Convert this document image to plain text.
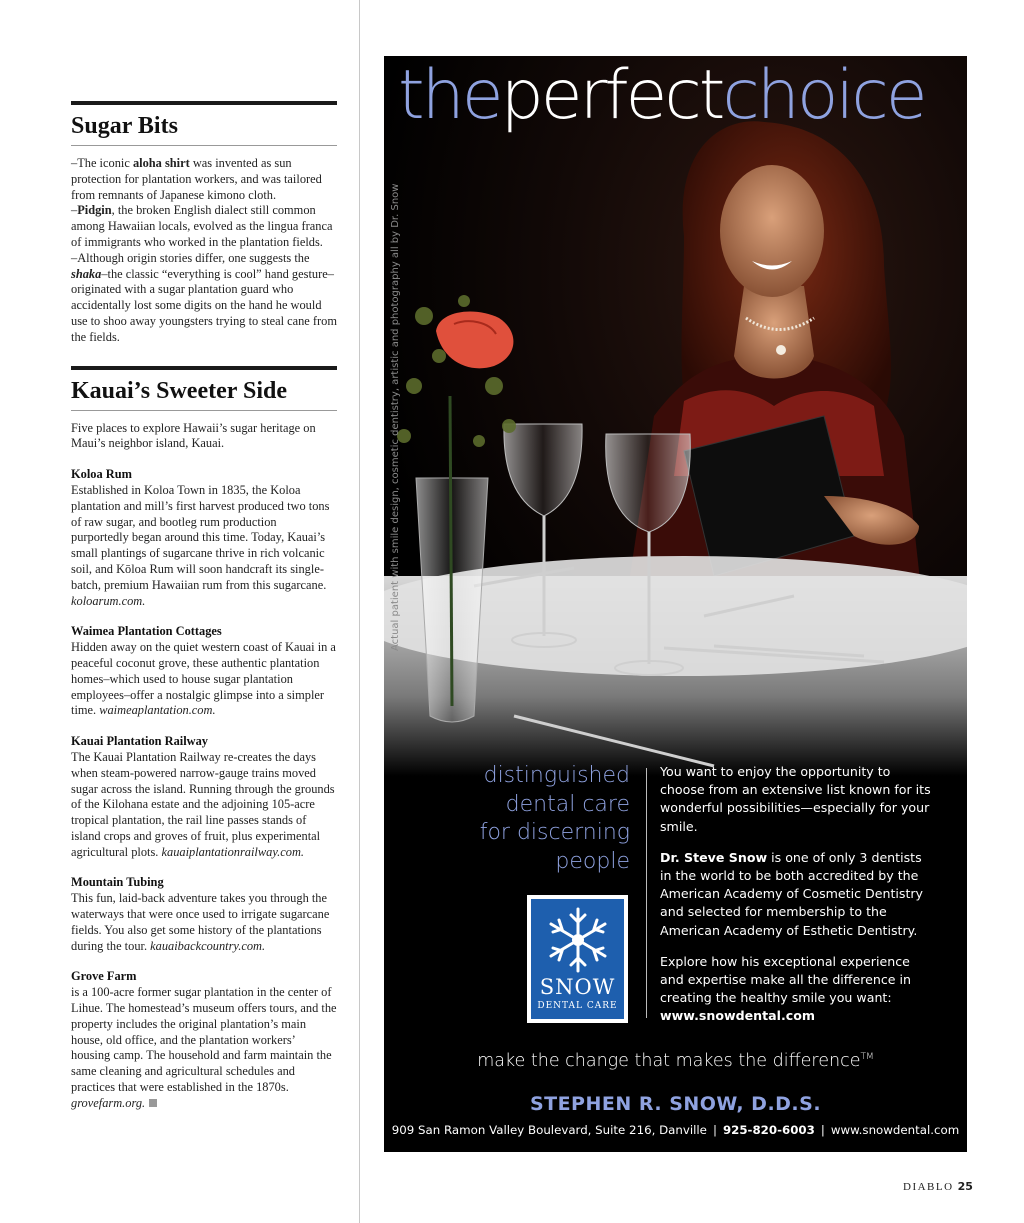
Sugar Bits

–The iconic aloha shirt was invented as sun protection for plantation workers, and was tailored from remnants of Japanese kimono cloth.
–Pidgin, the broken English dialect still common among Hawaiian locals, evolved as the lingua franca of immigrants who worked in the plantation fields.
–Although origin stories differ, one suggests the shaka–the classic “everything is cool” hand gesture–originated with a sugar plantation guard who accidentally lost some digits on the hand he would use to shoo away youngsters trying to steal cane from the fields.

Kauai’s Sweeter Side

Five places to explore Hawaii’s sugar heritage on Maui’s neighbor island, Kauai.

Koloa Rum
Established in Koloa Town in 1835, the Koloa plantation and mill’s first harvest produced two tons of raw sugar, and bootleg rum production purportedly began around this time. Today, Kauai’s small plantings of sugarcane thrive in rich volcanic soil, and Kōloa Rum will soon handcraft its single-batch, premium Hawaiian rum from this sugarcane. koloarum.com.

Waimea Plantation Cottages
Hidden away on the quiet western coast of Kauai in a peaceful coconut grove, these authentic plantation homes–which used to house sugar plantation employees–offer a nostalgic glimpse into a simpler time. waimeaplantation.com.

Kauai Plantation Railway
The Kauai Plantation Railway re-creates the days when steam-powered narrow-gauge trains moved sugar across the island. Running through the grounds of the Kilohana estate and the adjoining 105-acre tropical plantation, the rail line passes stands of island crops and groves of fruit, plus experimental agricultural plots. kauaiplantationrailway.com.

Mountain Tubing
This fun, laid-back adventure takes you through the waterways that were once used to irrigate sugarcane fields. You also get some history of the plantations during the tour. kauaibackcountry.com.

Grove Farm
is a 100-acre former sugar plantation in the center of Lihue. The homestead’s museum offers tours, and the property includes the original plantation’s main house, old office, and the plantation workers’ housing camp. The household and farm maintain the same cleaning and agricultural schedules and practices that were established in the 1870s. grovefarm.org.

theperfectchoice
Actual patient with smile design, cosmetic dentistry, artistic and photography all by Dr. Snow
distinguished
dental care
for discerning
people

You want to enjoy the opportunity to choose from an extensive list known for its wonderful possibilities—especially for your smile.

Dr. Steve Snow is one of only 3 dentists in the world to be both accredited by the American Academy of Cosmetic Dentistry and selected for membership to the American Academy of Esthetic Dentistry.

Explore how his exceptional experience and expertise make all the difference in creating the healthy smile you want: www.snowdental.com

SNOW
DENTAL CARE
make the change that makes the difference™
STEPHEN R. SNOW, D.D.S.
909 San Ramon Valley Boulevard, Suite 216, Danville | 925-820-6003 | www.snowdental.com
DIABLO 25
